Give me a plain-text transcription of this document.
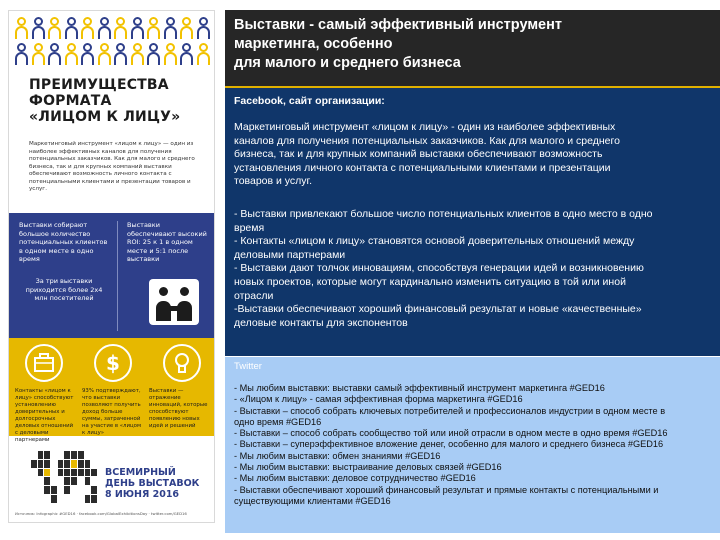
ПРЕИМУЩЕСТВА
ФОРМАТА
«ЛИЦОМ К ЛИЦУ»
Маркетинговый инструмент «лицом к лицу» — один из наиболее эффективных каналов для получения потенциальных заказчиков. Как для малого и среднего бизнеса, так и для крупных компаний выставки обеспечивают возможность личного контакта с потенциальными клиентами и презентации товаров и услуг.
Выставки собирают большое количество потенциальных клиентов в одном месте в одно время
Выставки обеспечивают высокий ROI: 25 к 1 в одном месте и 5:1 после выставки
За три выставки приходится более 2х4 млн посетителей
$
Контакты «лицом к лицу» способствуют установлению доверительных и долгосрочных деловых отношений с деловыми партнерами
93% подтверждают, что выставки позволяют получить доход больше суммы, затраченной на участие в «лицом к лицу»
Выставки — отражение инноваций, которые способствуют появлению новых идей и решений
ВСЕМИРНЫЙ
ДЕНЬ ВЫСТАВОК
8 ИЮНЯ 2016
Источник: Infographic #GED16 · facebook.com/GlobalExhibitionsDay · twitter.com/GED16
Выставки - самый эффективный инструмент
маркетинга, особенно
для малого и среднего бизнеса
Facebook, сайт организации:
Маркетинговый инструмент «лицом к лицу» - один из наиболее эффективных
каналов для получения потенциальных заказчиков. Как для малого и среднего
бизнеса, так и для крупных компаний выставки обеспечивают возможность
установления личного контакта с потенциальными клиентами и презентации
товаров и услуг.
- Выставки привлекают большое число потенциальных клиентов в одно место в одно
время
- Контакты «лицом к лицу» становятся основой доверительных отношений между
деловыми партнерами
- Выставки дают толчок инновациям, способствуя генерации идей и возникновению
новых проектов, которые могут кардинально изменить ситуацию в той или иной
отрасли
-Выставки обеспечивают хороший финансовый результат и новые «качественные»
деловые контакты для экспонентов
Twitter
- Мы любим выставки: выставки самый эффективный инструмент маркетинга #GED16
- «Лицом к лицу» - самая эффективная форма маркетинга #GED16
- Выставки – способ собрать ключевых потребителей и профессионалов индустрии в одном месте в
одно время #GED16
- Выставки – способ собрать сообщество той или иной отрасли в одном месте в одно время #GED16
- Выставки – суперэффективное вложение денег, особенно для малого и среднего бизнеса #GED16
- Мы любим выставки: обмен знаниями #GED16
- Мы любим выставки: выстраивание деловых связей #GED16
- Мы любим выставки: деловое сотрудничество #GED16
- Выставки обеспечивают хороший финансовый результат и прямые контакты с потенциальными и
существующими клиентами #GED16
